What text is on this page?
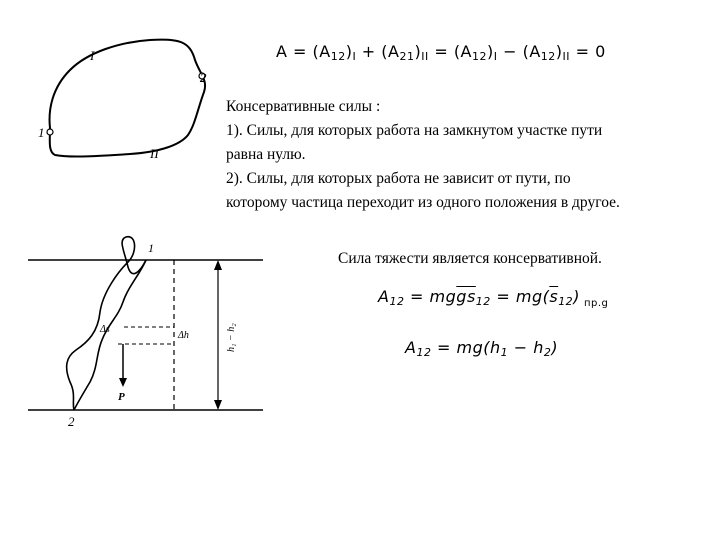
I
II
1
2
$A = (A_{12})_I + (A_{21})_{II} = (A_{12})_I - (A_{12})_{II} = 0$
Консервативные силы :
1). Силы, для которых работа на замкнутом участке пути
равна нулю.
2). Силы, для которых работа не зависит от пути, по
которому частица переходит из одного положения в другое.
1
2
Δs
Δh
P
h₁ − h₂
Сила тяжести является консервативной.
$A_{12} = mg\overline{g}\overline{s}_{12} = mg(\overline{s}_{12})$ $_{пр.g}$
$A_{12} = mg(h_1 - h_2)$
